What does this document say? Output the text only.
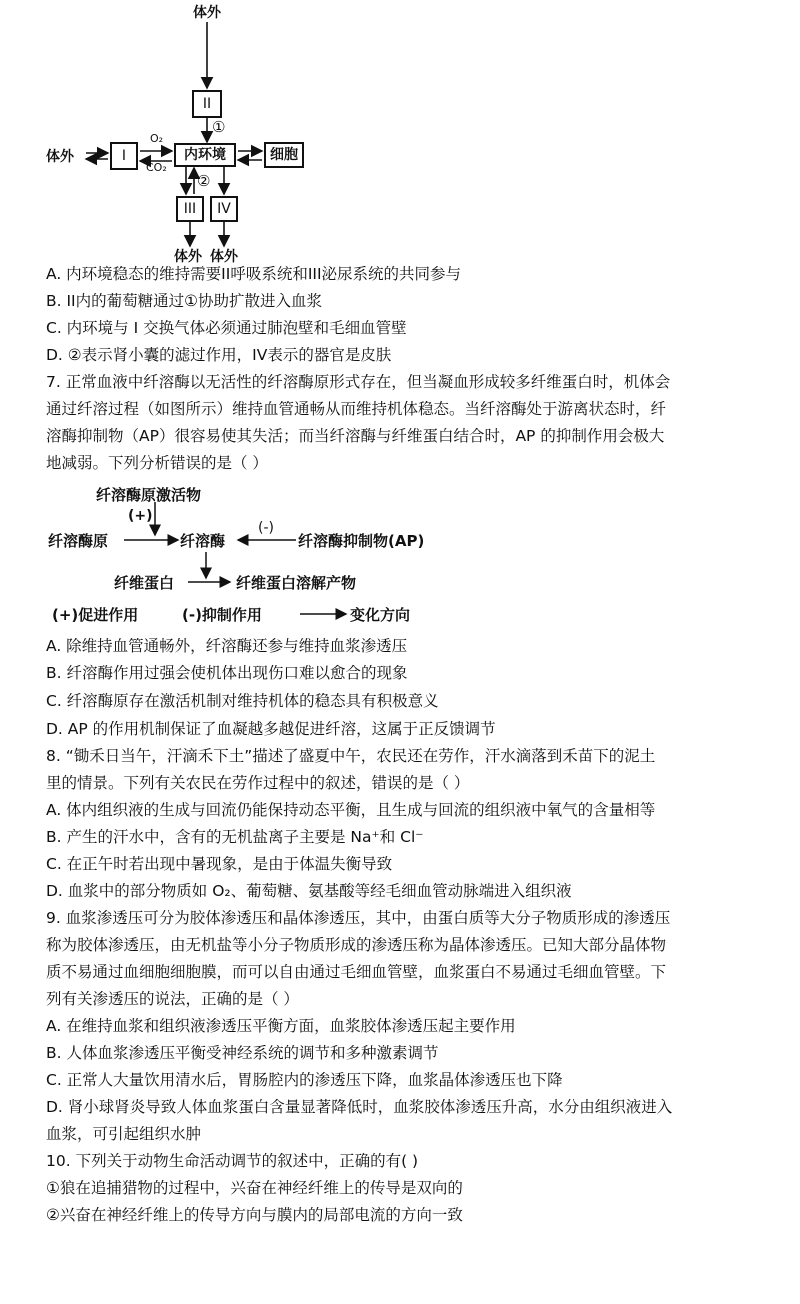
体外
II
①
体外	I
O₂
CO₂
内环境	细胞
②
III	IV
体外 体外
A. 内环境稳态的维持需要II呼吸系统和III泌尿系统的共同参与
B. II内的葡萄糖通过①协助扩散进入血浆
C. 内环境与 I 交换气体必须通过肺泡壁和毛细血管壁
D. ②表示肾小囊的滤过作用，IV表示的器官是皮肤
7. 正常血液中纤溶酶以无活性的纤溶酶原形式存在，但当凝血形成较多纤维蛋白时，机体会
通过纤溶过程（如图所示）维持血管通畅从而维持机体稳态。当纤溶酶处于游离状态时，纤
溶酶抑制物（AP）很容易使其失活；而当纤溶酶与纤维蛋白结合时，AP 的抑制作用会极大
地减弱。下列分析错误的是（ ）
纤溶酶原激活物
(+)
纤溶酶原	纤溶酶
(-)
纤溶酶抑制物(AP)
纤维蛋白	纤维蛋白溶解产物
(+)促进作用	(-)抑制作用	变化方向
A. 除维持血管通畅外，纤溶酶还参与维持血浆渗透压
B. 纤溶酶作用过强会使机体出现伤口难以愈合的现象
C. 纤溶酶原存在激活机制对维持机体的稳态具有积极意义
D. AP 的作用机制保证了血凝越多越促进纤溶，这属于正反馈调节
8. “锄禾日当午，汗滴禾下土”描述了盛夏中午，农民还在劳作，汗水滴落到禾苗下的泥土
里的情景。下列有关农民在劳作过程中的叙述，错误的是（ ）
A. 体内组织液的生成与回流仍能保持动态平衡，且生成与回流的组织液中氧气的含量相等
B. 产生的汗水中，含有的无机盐离子主要是 Na⁺和 Cl⁻
C. 在正午时若出现中暑现象，是由于体温失衡导致
D. 血浆中的部分物质如 O₂、葡萄糖、氨基酸等经毛细血管动脉端进入组织液
9. 血浆渗透压可分为胶体渗透压和晶体渗透压，其中，由蛋白质等大分子物质形成的渗透压
称为胶体渗透压，由无机盐等小分子物质形成的渗透压称为晶体渗透压。已知大部分晶体物
质不易通过血细胞细胞膜，而可以自由通过毛细血管壁，血浆蛋白不易通过毛细血管壁。下
列有关渗透压的说法，正确的是（ ）
A. 在维持血浆和组织液渗透压平衡方面，血浆胶体渗透压起主要作用
B. 人体血浆渗透压平衡受神经系统的调节和多种激素调节
C. 正常人大量饮用清水后，胃肠腔内的渗透压下降，血浆晶体渗透压也下降
D. 肾小球肾炎导致人体血浆蛋白含量显著降低时，血浆胶体渗透压升高，水分由组织液进入
血浆，可引起组织水肿
10. 下列关于动物生命活动调节的叙述中，正确的有( )
①狼在追捕猎物的过程中，兴奋在神经纤维上的传导是双向的
②兴奋在神经纤维上的传导方向与膜内的局部电流的方向一致
